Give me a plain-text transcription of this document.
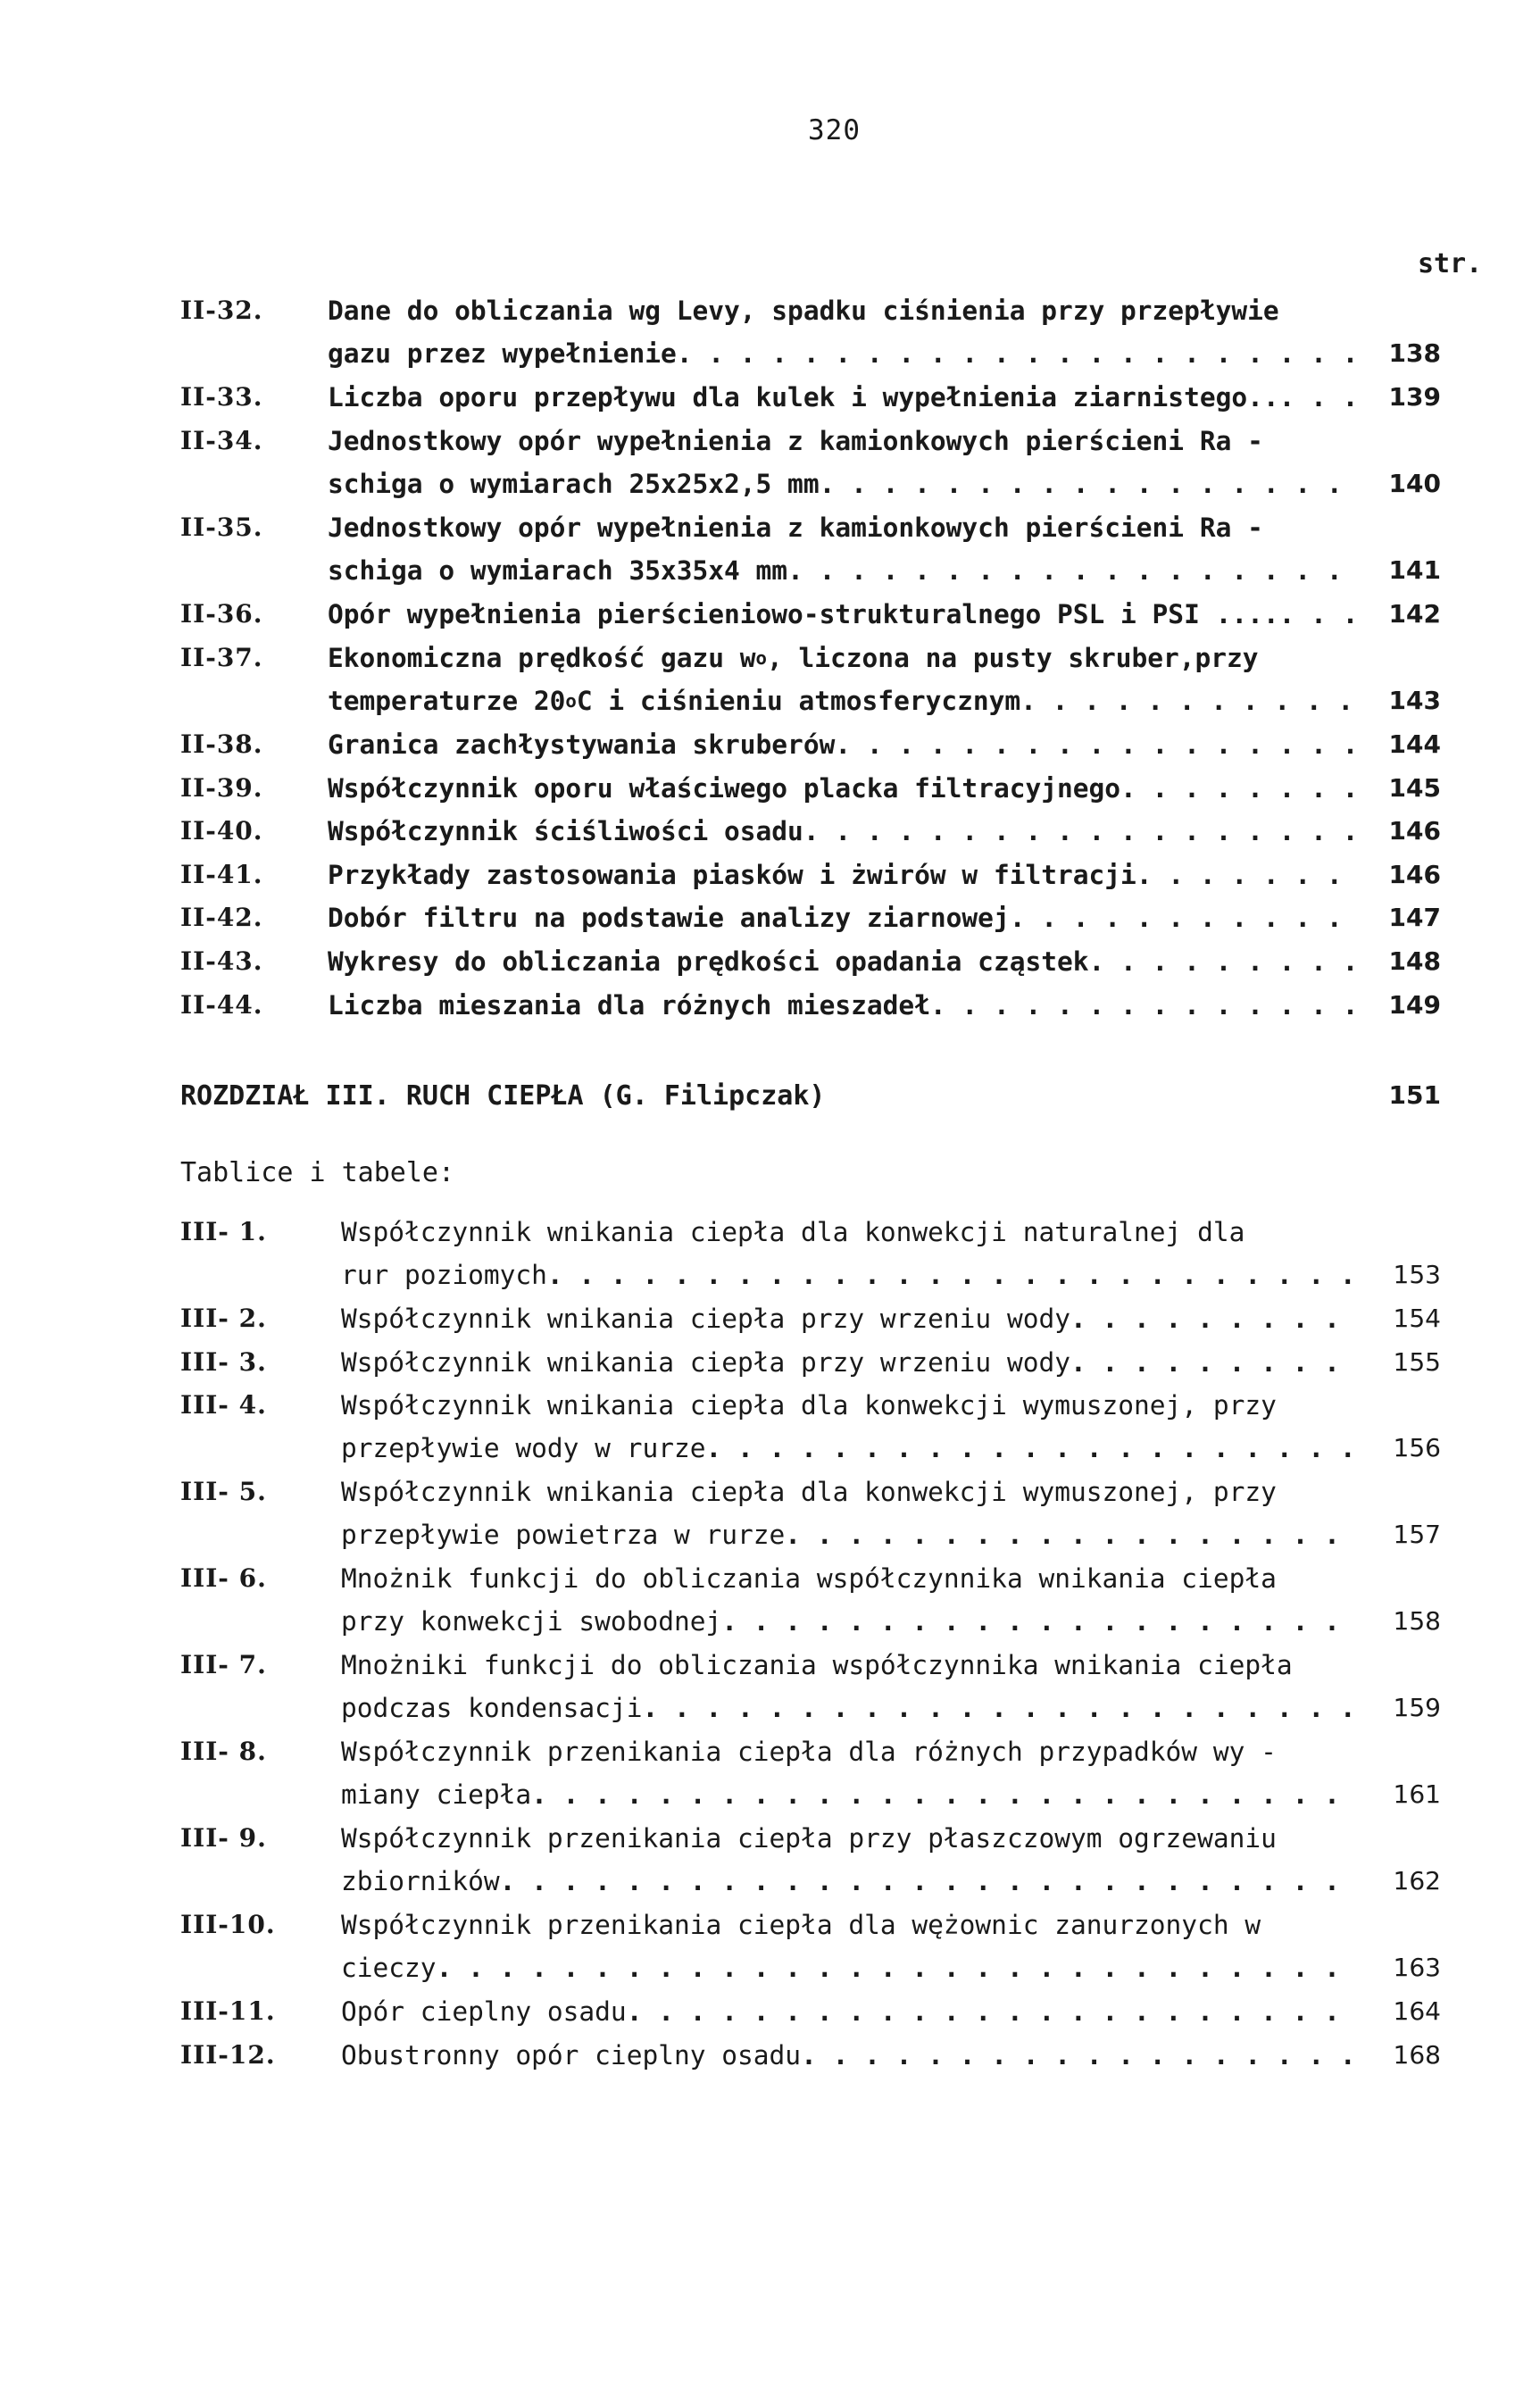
320
str.
II-32. Dane do obliczania wg Levy, spadku ciśnienia przy przepływie
gazu przez wypełnienie . . .	138
II-33. Liczba oporu przepływu dla kulek i wypełnienia ziarnistego.. . . .	139
II-34. Jednostkowy opór wypełnienia z kamionkowych pierścieni Ra -
schiga o wymiarach 25x25x2,5 mm . . .	140
II-35. Jednostkowy opór wypełnienia z kamionkowych pierścieni Ra -
schiga o wymiarach 35x35x4 mm . . .	141
II-36. Opór wypełnienia pierścieniowo-strukturalnego PSL i PSI .... . . .	142
II-37. Ekonomiczna prędkość gazu w o , liczona na pusty skruber,przy
temperaturze 20 o C i ciśnieniu atmosferycznym . . .	143
II-38. Granica zachłystywania skruberów . . .	144
II-39. Współczynnik oporu właściwego placka filtracyjnego . . .	145
II-40. Współczynnik ściśliwości osadu . . .	146
II-41. Przykłady zastosowania piasków i żwirów w filtracji . . .	146
II-42. Dobór filtru na podstawie analizy ziarnowej . . .	147
II-43. Wykresy do obliczania prędkości opadania cząstek . . .	148
II-44. Liczba mieszania dla różnych mieszadeł . . .	149
ROZDZIAŁ III. RUCH CIEPŁA (G. Filipczak)	151
Tablice i tabele:
III- 1.	Współczynnik wnikania ciepła dla konwekcji naturalnej dla
rur poziomych . . .	153
III- 2.	Współczynnik wnikania ciepła przy wrzeniu wody . . .	154
III- 3.	Współczynnik wnikania ciepła przy wrzeniu wody . . .	155
III- 4.	Współczynnik wnikania ciepła dla konwekcji wymuszonej, przy
przepływie wody w rurze . . .	156
III- 5.	Współczynnik wnikania ciepła dla konwekcji wymuszonej, przy
przepływie powietrza w rurze . . .	157
III- 6.	Mnożnik funkcji do obliczania współczynnika wnikania ciepła
przy konwekcji swobodnej . . .	158
III- 7.	Mnożniki funkcji do obliczania współczynnika wnikania ciepła
podczas kondensacji . . .	159
III- 8.	Współczynnik przenikania ciepła dla różnych przypadków wy -
miany ciepła . . .	161
III- 9.	Współczynnik przenikania ciepła przy płaszczowym ogrzewaniu
zbiorników . . .	162
III-10. Współczynnik przenikania ciepła dla wężownic zanurzonych w
cieczy . . .	163
III-11. Opór cieplny osadu . . .	164
III-12. Obustronny opór cieplny osadu . . .	168
